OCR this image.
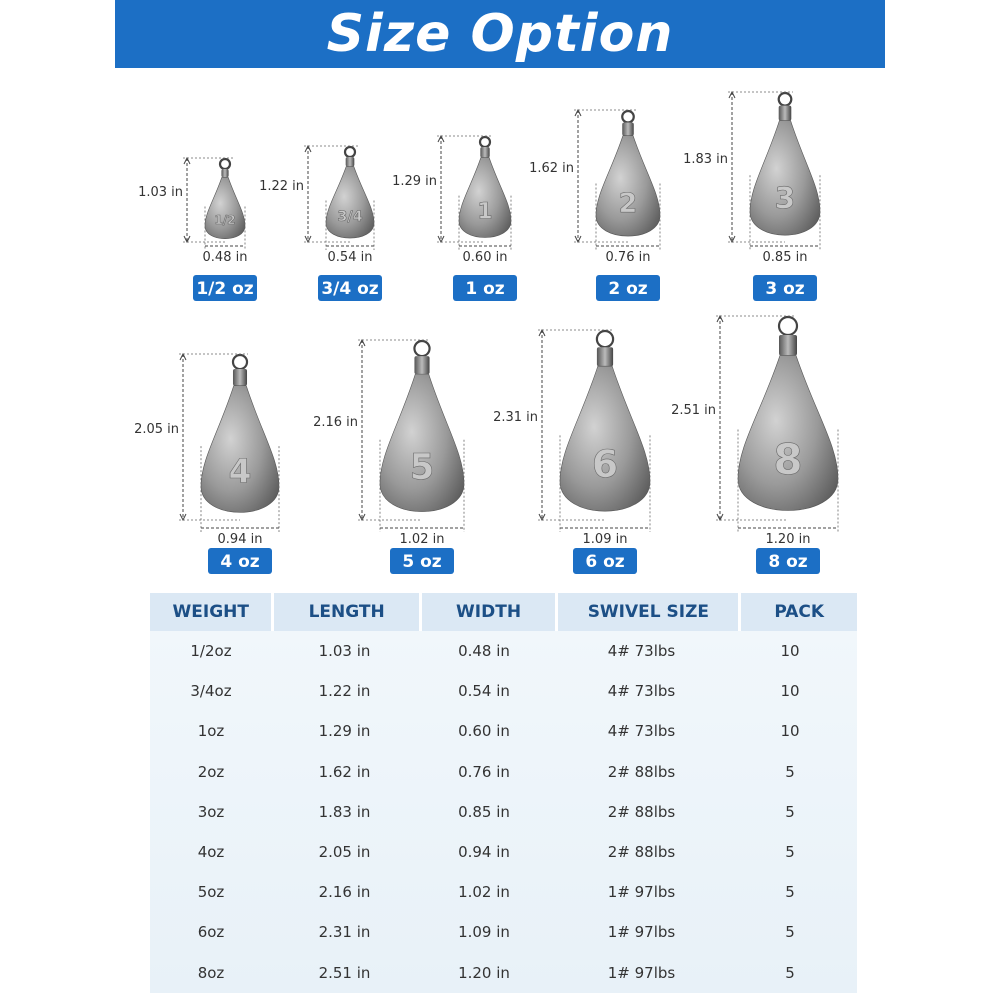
Size Option
1/2
1.03 in
0.48 in
1/2 oz
3/4
1.22 in
0.54 in
3/4 oz
1
1.29 in
0.60 in
1 oz
2
1.62 in
0.76 in
2 oz
3
1.83 in
0.85 in
3 oz
4
2.05 in
0.94 in
4 oz
5
2.16 in
1.02 in
5 oz
6
2.31 in
1.09 in
6 oz
8
2.51 in
1.20 in
8 oz
WEIGHT	LENGTH	WIDTH	SWIVEL SIZE	PACK
1/2oz	1.03 in	0.48 in	4# 73lbs	10
3/4oz	1.22 in	0.54 in	4# 73lbs	10
1oz	1.29 in	0.60 in	4# 73lbs	10
2oz	1.62 in	0.76 in	2# 88lbs	5
3oz	1.83 in	0.85 in	2# 88lbs	5
4oz	2.05 in	0.94 in	2# 88lbs	5
5oz	2.16 in	1.02 in	1# 97lbs	5
6oz	2.31 in	1.09 in	1# 97lbs	5
8oz	2.51 in	1.20 in	1# 97lbs	5
